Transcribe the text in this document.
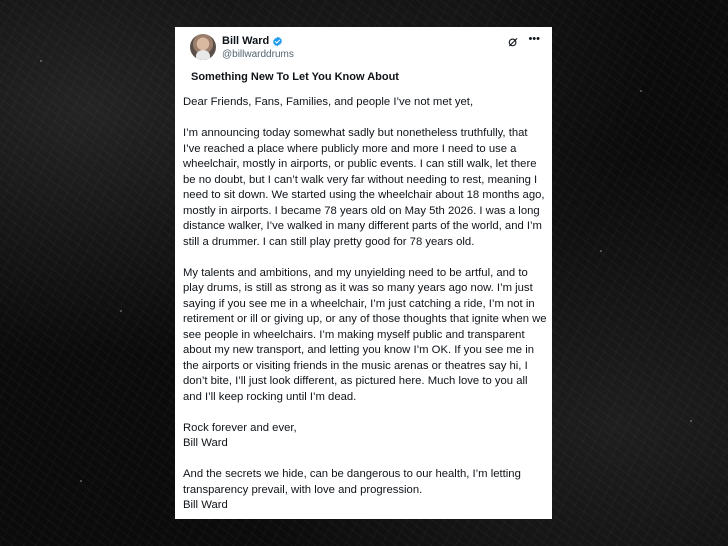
Bill Ward
@billwarddrums
•••
Something New To Let You Know About

Dear Friends, Fans, Families, and people I’ve not met yet,

I’m announcing today somewhat sadly but nonetheless truthfully, that
I’ve reached a place where publicly more and more I need to use a
wheelchair, mostly in airports, or public events. I can still walk, let there
be no doubt, but I can’t walk very far without needing to rest, meaning I
need to sit down. We started using the wheelchair about 18 months ago,
mostly in airports. I became 78 years old on May 5th 2026. I was a long
distance walker, I’ve walked in many different parts of the world, and I’m
still a drummer. I can still play pretty good for 78 years old.

My talents and ambitions, and my unyielding need to be artful, and to
play drums, is still as strong as it was so many years ago now. I’m just
saying if you see me in a wheelchair, I’m just catching a ride, I’m not in
retirement or ill or giving up, or any of those thoughts that ignite when we
see people in wheelchairs. I’m making myself public and transparent
about my new transport, and letting you know I’m OK. If you see me in
the airports or visiting friends in the music arenas or theatres say hi, I
don’t bite, I’ll just look different, as pictured here. Much love to you all
and I’ll keep rocking until I’m dead.

Rock forever and ever,
Bill Ward

And the secrets we hide, can be dangerous to our health, I’m letting
transparency prevail, with love and progression.
Bill Ward
